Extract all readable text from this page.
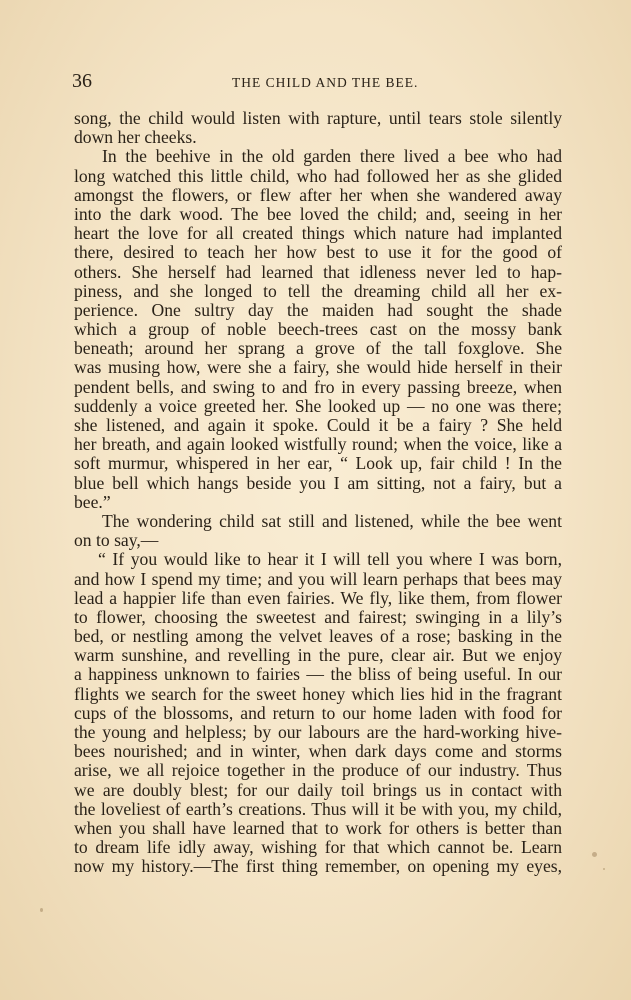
36	THE CHILD AND THE BEE.
song, the child would listen with rapture, until tears stole silently
down her cheeks.
In the beehive in the old garden there lived a bee who had
long watched this little child, who had followed her as she glided
amongst the flowers, or flew after her when she wandered away
into the dark wood. The bee loved the child; and, seeing in her
heart the love for all created things which nature had implanted
there, desired to teach her how best to use it for the good of
others. She herself had learned that idleness never led to hap-
piness, and she longed to tell the dreaming child all her ex-
perience. One sultry day the maiden had sought the shade
which a group of noble beech-trees cast on the mossy bank
beneath; around her sprang a grove of the tall foxglove. She
was musing how, were she a fairy, she would hide herself in their
pendent bells, and swing to and fro in every passing breeze, when
suddenly a voice greeted her. She looked up — no one was there;
she listened, and again it spoke. Could it be a fairy ? She held
her breath, and again looked wistfully round; when the voice, like a
soft murmur, whispered in her ear, “ Look up, fair child ! In the
blue bell which hangs beside you I am sitting, not a fairy, but a
bee.”
The wondering child sat still and listened, while the bee went
on to say,—
“ If you would like to hear it I will tell you where I was born,
and how I spend my time; and you will learn perhaps that bees may
lead a happier life than even fairies. We fly, like them, from flower
to flower, choosing the sweetest and fairest; swinging in a lily’s
bed, or nestling among the velvet leaves of a rose; basking in the
warm sunshine, and revelling in the pure, clear air. But we enjoy
a happiness unknown to fairies — the bliss of being useful. In our
flights we search for the sweet honey which lies hid in the fragrant
cups of the blossoms, and return to our home laden with food for
the young and helpless; by our labours are the hard-working hive-
bees nourished; and in winter, when dark days come and storms
arise, we all rejoice together in the produce of our industry. Thus
we are doubly blest; for our daily toil brings us in contact with
the loveliest of earth’s creations. Thus will it be with you, my child,
when you shall have learned that to work for others is better than
to dream life idly away, wishing for that which cannot be. Learn
now my history.—The first thing remember, on opening my eyes,
